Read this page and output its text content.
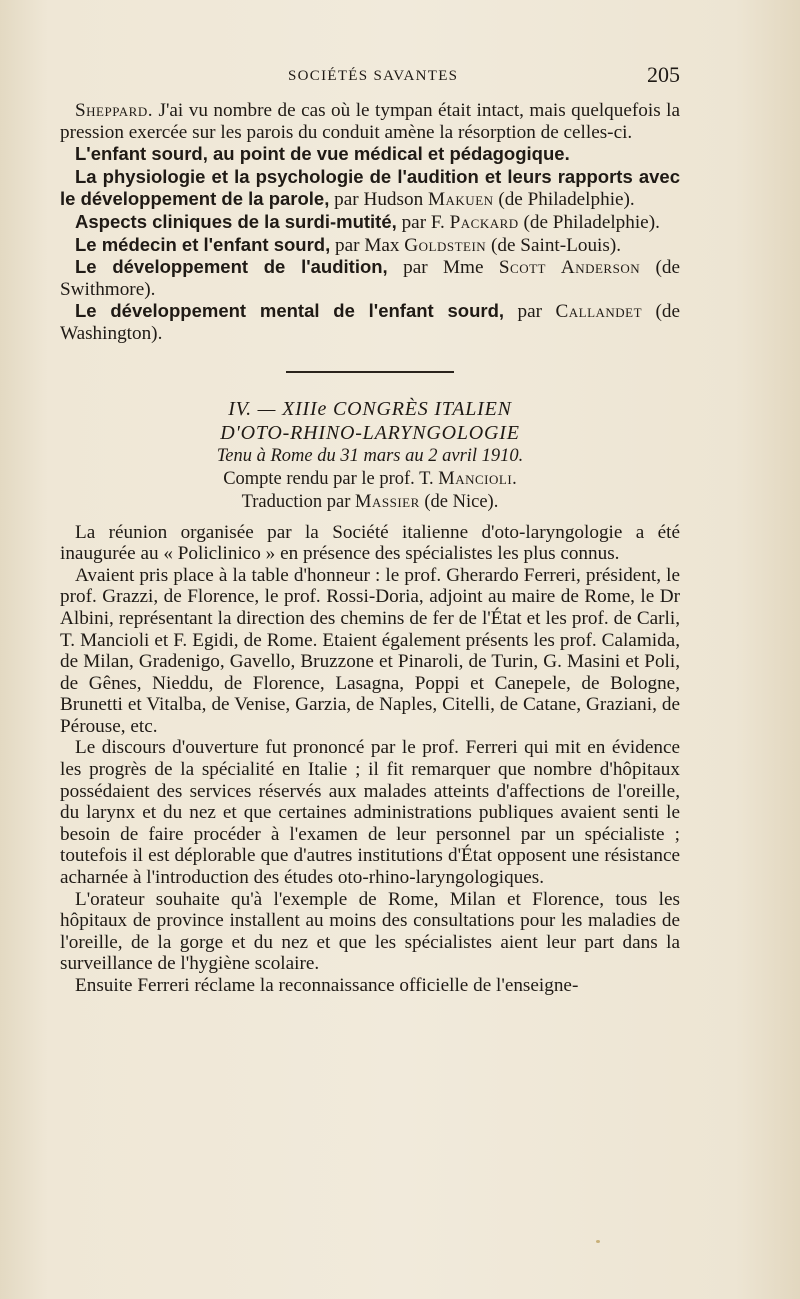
SOCIÉTÉS SAVANTES	205

Sheppard. J'ai vu nombre de cas où le tympan était intact, mais quelquefois la pression exercée sur les parois du conduit amène la résorption de celles-ci.

L'enfant sourd, au point de vue médical et pédagogique.

La physiologie et la psychologie de l'audition et leurs rapports avec le développement de la parole, par Hudson Makuen (de Philadelphie).

Aspects cliniques de la surdi-mutité, par F. Packard (de Philadelphie).

Le médecin et l'enfant sourd, par Max Goldstein (de Saint-Louis).

Le développement de l'audition, par Mme Scott Anderson (de Swithmore).

Le développement mental de l'enfant sourd, par Callandet (de Washington).

IV. — XIIIe CONGRÈS ITALIEN

D'OTO-RHINO-LARYNGOLOGIE

Tenu à Rome du 31 mars au 2 avril 1910.

Compte rendu par le prof. T. Mancioli.

Traduction par Massier (de Nice).

La réunion organisée par la Société italienne d'oto-laryngologie a été inaugurée au « Policlinico » en présence des spécialistes les plus connus.

Avaient pris place à la table d'honneur : le prof. Gherardo Ferreri, président, le prof. Grazzi, de Florence, le prof. Rossi-Doria, adjoint au maire de Rome, le Dr Albini, représentant la direction des chemins de fer de l'État et les prof. de Carli, T. Mancioli et F. Egidi, de Rome. Etaient également présents les prof. Calamida, de Milan, Gradenigo, Gavello, Bruzzone et Pinaroli, de Turin, G. Masini et Poli, de Gênes, Nieddu, de Florence, Lasagna, Poppi et Canepele, de Bologne, Brunetti et Vitalba, de Venise, Garzia, de Naples, Citelli, de Catane, Graziani, de Pérouse, etc.

Le discours d'ouverture fut prononcé par le prof. Ferreri qui mit en évidence les progrès de la spécialité en Italie ; il fit remarquer que nombre d'hôpitaux possédaient des services réservés aux malades atteints d'affections de l'oreille, du larynx et du nez et que certaines administrations publiques avaient senti le besoin de faire procéder à l'examen de leur personnel par un spécialiste ; toutefois il est déplorable que d'autres institutions d'État opposent une résistance acharnée à l'introduction des études oto-rhino-laryngologiques.

L'orateur souhaite qu'à l'exemple de Rome, Milan et Florence, tous les hôpitaux de province installent au moins des consultations pour les maladies de l'oreille, de la gorge et du nez et que les spécialistes aient leur part dans la surveillance de l'hygiène scolaire.

Ensuite Ferreri réclame la reconnaissance officielle de l'enseigne-
